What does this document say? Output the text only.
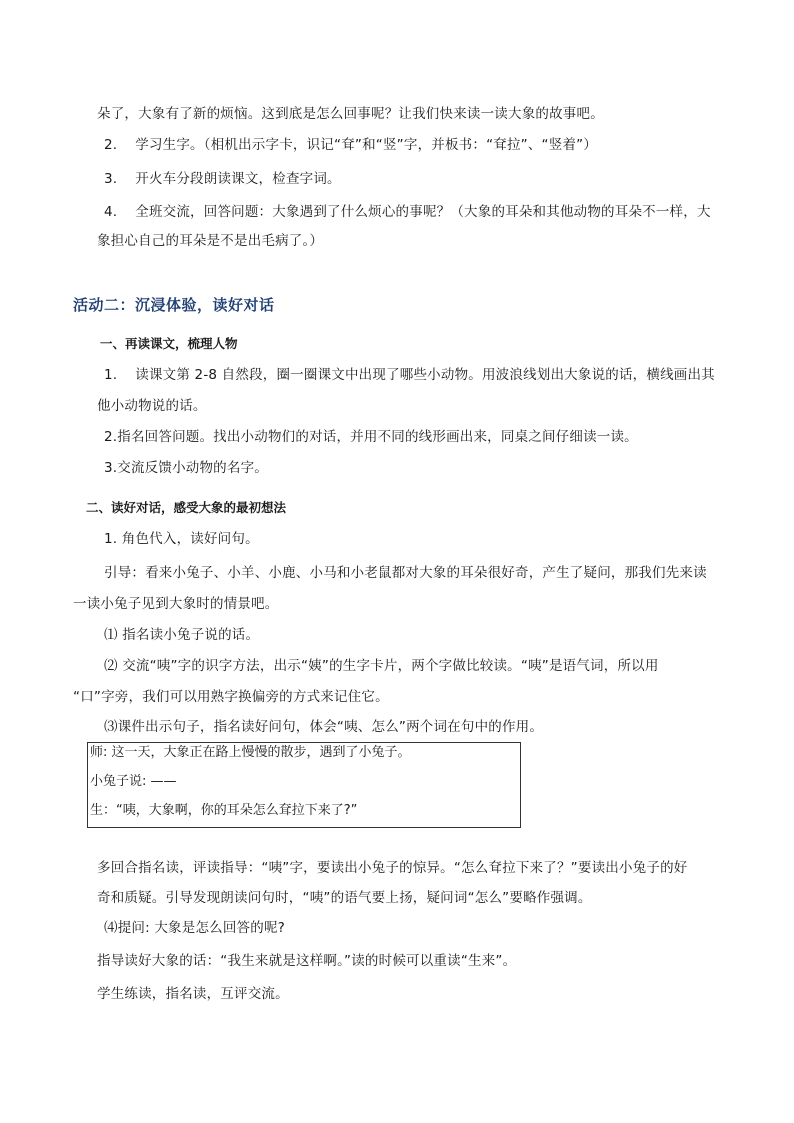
朵了，大象有了新的烦恼。这到底是怎么回事呢？让我们快来读一读大象的故事吧。
2.    学习生字。（相机出示字卡，识记“耷”和“竖”字，并板书：“耷拉”、“竖着”）
3.    开火车分段朗读课文，检查字词。
4.    全班交流，回答问题：大象遇到了什么烦心的事呢？（大象的耳朵和其他动物的耳朵不一样，大
象担心自己的耳朵是不是出毛病了。）
活动二：沉浸体验，读好对话
一、再读课文，梳理人物
1.    读课文第 2-8 自然段，圈一圈课文中出现了哪些小动物。用波浪线划出大象说的话，横线画出其
他小动物说的话。
2.指名回答问题。找出小动物们的对话，并用不同的线形画出来，同桌之间仔细读一读。
3.交流反馈小动物的名字。
二、读好对话，感受大象的最初想法
1. 角色代入，读好问句。
引导：看来小兔子、小羊、小鹿、小马和小老鼠都对大象的耳朵很好奇，产生了疑问，那我们先来读
一读小兔子见到大象时的情景吧。
⑴ 指名读小兔子说的话。
⑵ 交流“咦”字的识字方法，出示“姨”的生字卡片，两个字做比较读。“咦”是语气词，所以用
“口”字旁，我们可以用熟字换偏旁的方式来记住它。
⑶课件出示句子，指名读好问句，体会“咦、怎么”两个词在句中的作用。
师: 这一天，大象正在路上慢慢的散步，遇到了小兔子。
小兔子说: ——
生：“咦，大象啊，你的耳朵怎么耷拉下来了?”
多回合指名读，评读指导：“咦”字，要读出小兔子的惊异。“怎么耷拉下来了？”要读出小兔子的好
奇和质疑。引导发现朗读问句时，“咦”的语气要上扬，疑问词“怎么”要略作强调。
⑷提问: 大象是怎么回答的呢?
指导读好大象的话：“我生来就是这样啊。”读的时候可以重读“生来”。
学生练读，指名读，互评交流。
